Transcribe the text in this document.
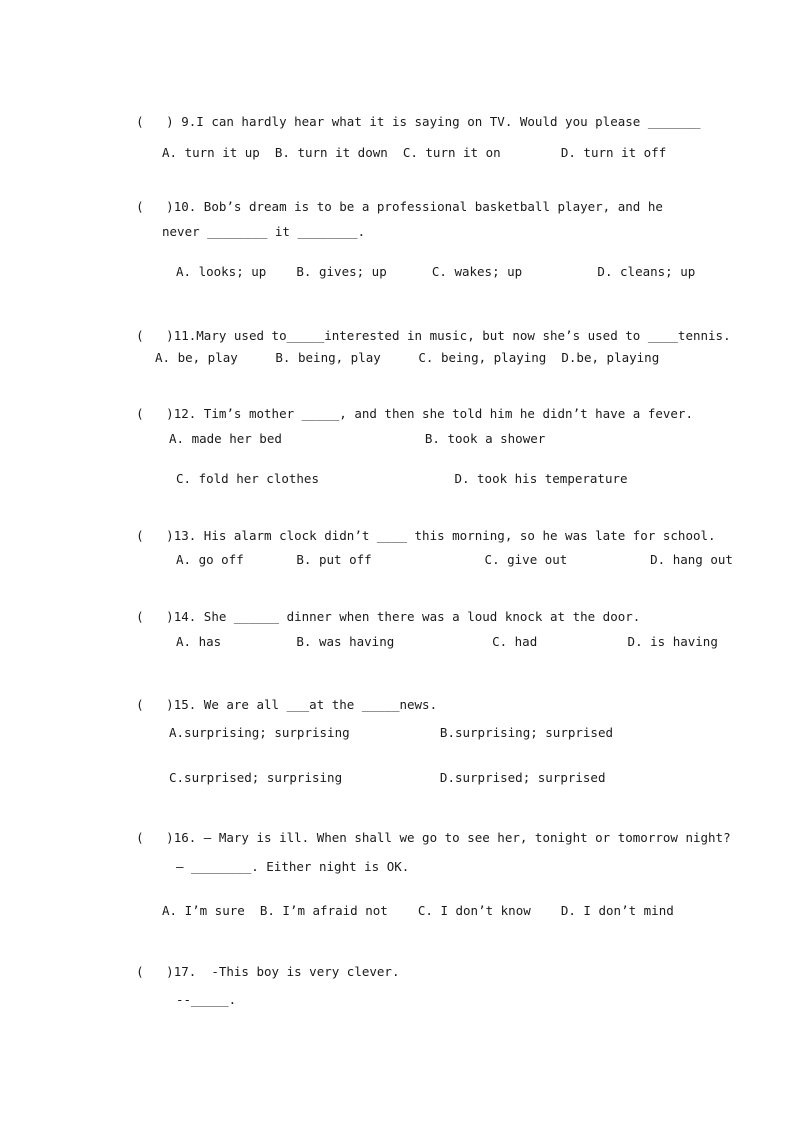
(   ) 9.I can hardly hear what it is saying on TV. Would you please _______

A. turn it up  B. turn it down  C. turn it on        D. turn it off

(   )10. Bob’s dream is to be a professional basketball player, and he

never ________ it ________.
A. looks; up    B. gives; up      C. wakes; up          D. cleans; up

(   )11.Mary used to_____interested in music, but now she’s used to ____tennis.

A. be, play     B. being, play     C. being, playing  D.be, playing

(   )12. Tim’s mother _____, and then she told him he didn’t have a fever.

A. made her bed                   B. took a shower
C. fold her clothes                  D. took his temperature

(   )13. His alarm clock didn’t ____ this morning, so he was late for school.

A. go off       B. put off               C. give out           D. hang out

(   )14. She ______ dinner when there was a loud knock at the door.

A. has          B. was having             C. had            D. is having

(   )15. We are all ___at the _____news.

A.surprising; surprising            B.surprising; surprised
C.surprised; surprising             D.surprised; surprised

(   )16. — Mary is ill. When shall we go to see her, tonight or tomorrow night?

— ________. Either night is OK.
A. I’m sure  B. I’m afraid not    C. I don’t know    D. I don’t mind

(   )17.  -This boy is very clever.

--_____.
